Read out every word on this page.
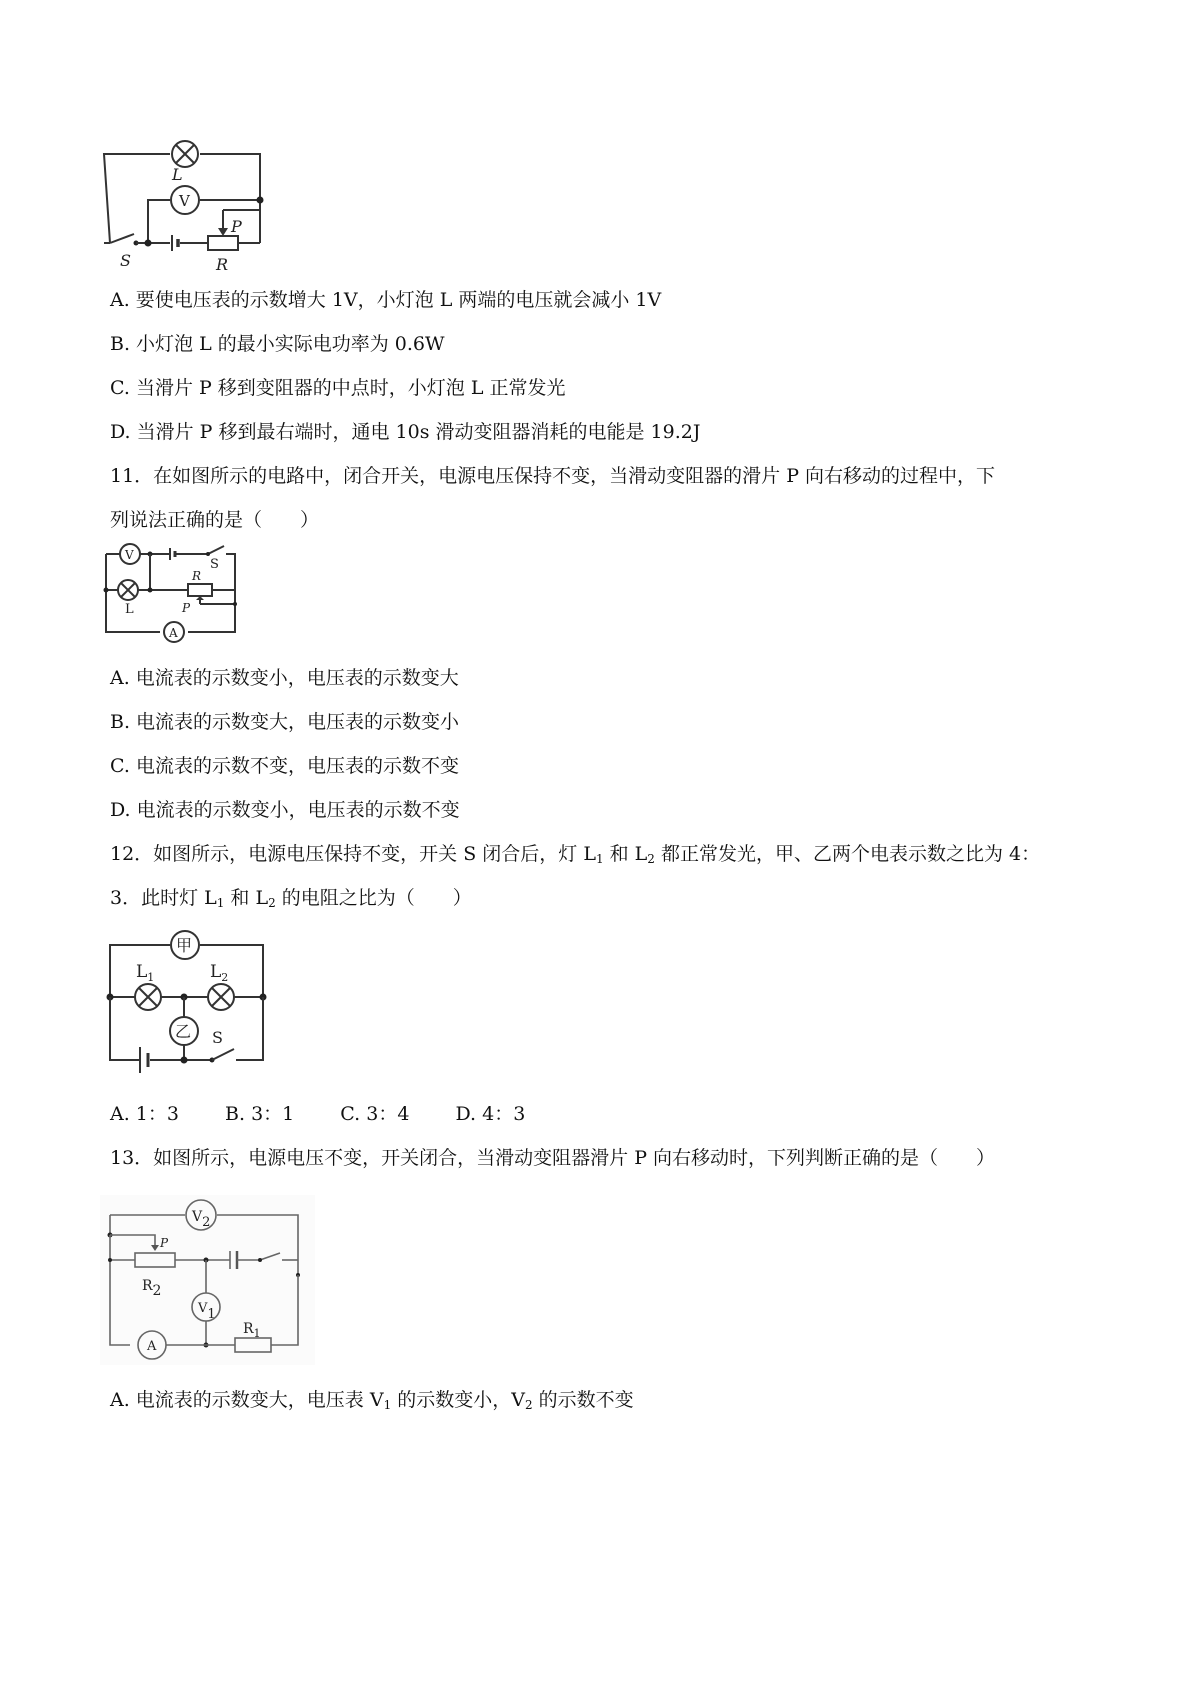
L
V
P
R
S
A. 要使电压表的示数增大 1V，小灯泡 L 两端的电压就会减小 1V
B. 小灯泡 L 的最小实际电功率为 0.6W
C. 当滑片 P 移到变阻器的中点时，小灯泡 L 正常发光
D. 当滑片 P 移到最右端时，通电 10s 滑动变阻器消耗的电能是 19.2J
11．在如图所示的电路中，闭合开关，电源电压保持不变，当滑动变阻器的滑片 P 向右移动的过程中，下
列说法正确的是（　　）
V
S
L
R
P
A
A. 电流表的示数变小，电压表的示数变大
B. 电流表的示数变大，电压表的示数变小
C. 电流表的示数不变，电压表的示数不变
D. 电流表的示数变小，电压表的示数不变
12．如图所示，电源电压保持不变，开关 S 闭合后，灯 $L_1$ 和 $L_2$ 都正常发光，甲、乙两个电表示数之比为 4：
3．此时灯 $L_1$ 和 $L_2$ 的电阻之比为（　　）
甲
$L_1$	$L_2$
乙 S
A. 1：3 B. 3：1 C. 3：4 D. 4：3
13．如图所示，电源电压不变，开关闭合，当滑动变阻器滑片 P 向右移动时，下列判断正确的是（　　）
V2
P
R2
V1
A
$R_1$
A. 电流表的示数变大，电压表 $V_1$ 的示数变小，$V_2$ 的示数不变
